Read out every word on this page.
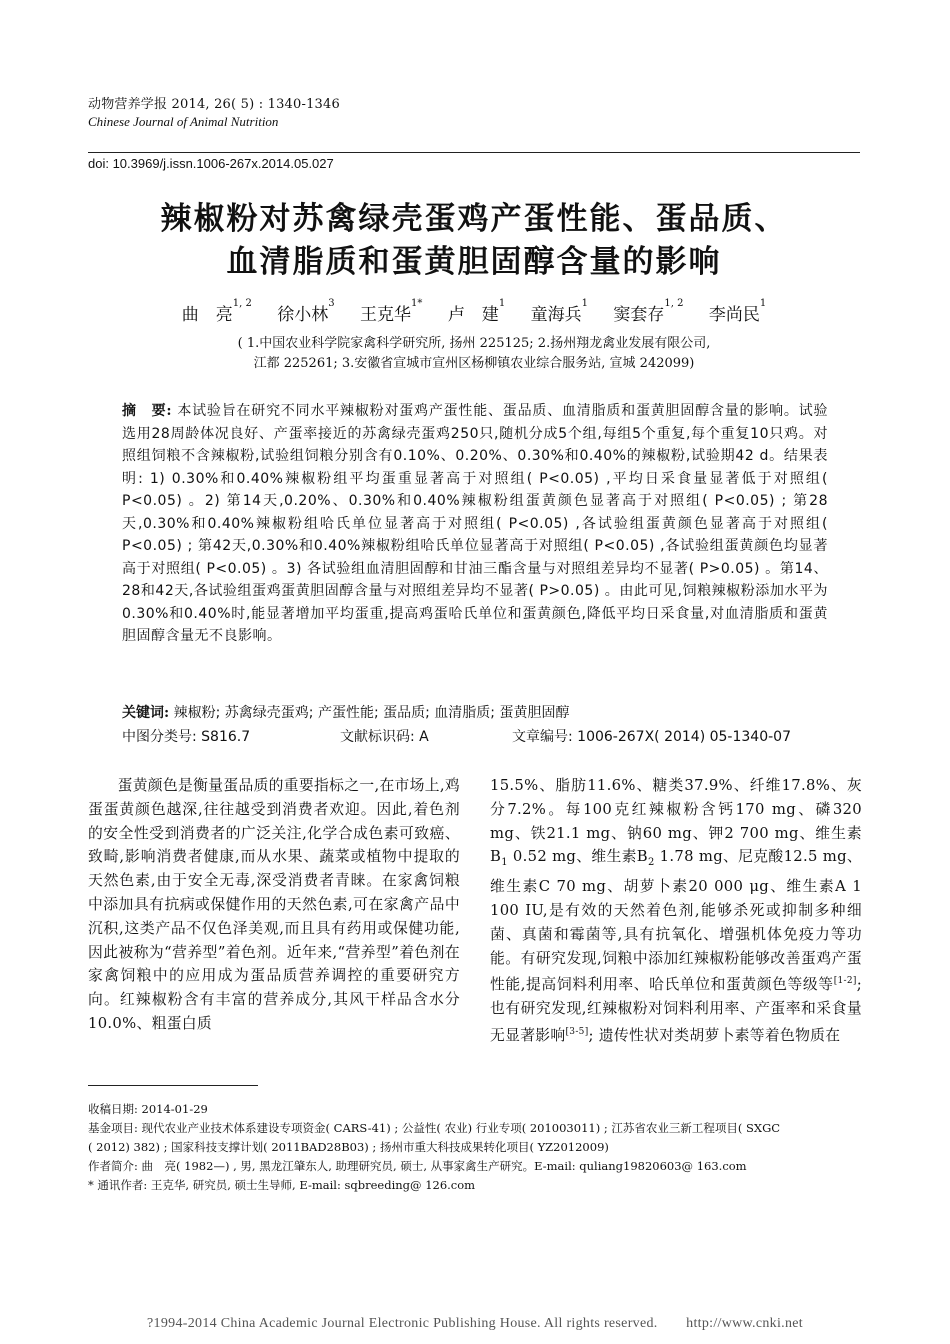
动物营养学报 2014, 26( 5) : 1340-1346
Chinese Journal of Animal Nutrition
doi: 10.3969/j.issn.1006-267x.2014.05.027
辣椒粉对苏禽绿壳蛋鸡产蛋性能、蛋品质、
血清脂质和蛋黄胆固醇含量的影响
曲　亮$^{1, 2}$ 徐小林$^3$ 王克华$^{1*}$ 卢　建$^1$ 童海兵$^1$ 窦套存$^{1, 2}$ 李尚民$^1$
( 1.中国农业科学院家禽科学研究所, 扬州 225125; 2.扬州翔龙禽业发展有限公司,
江都 225261; 3.安徽省宣城市宣州区杨柳镇农业综合服务站, 宣城 242099)
摘　要: 本试验旨在研究不同水平辣椒粉对蛋鸡产蛋性能、蛋品质、血清脂质和蛋黄胆固醇含量的影响。试验选用28周龄体况良好、产蛋率接近的苏禽绿壳蛋鸡250只,随机分成5个组,每组5个重复,每个重复10只鸡。对照组饲粮不含辣椒粉,试验组饲粮分别含有0.10%、0.20%、0.30%和0.40%的辣椒粉,试验期42 d。结果表明: 1) 0.30%和0.40%辣椒粉组平均蛋重显著高于对照组( P<0.05) ,平均日采食量显著低于对照组( P<0.05) 。2) 第14天,0.20%、0.30%和0.40%辣椒粉组蛋黄颜色显著高于对照组( P<0.05) ; 第28天,0.30%和0.40%辣椒粉组哈氏单位显著高于对照组( P<0.05) ,各试验组蛋黄颜色显著高于对照组( P<0.05) ; 第42天,0.30%和0.40%辣椒粉组哈氏单位显著高于对照组( P<0.05) ,各试验组蛋黄颜色均显著高于对照组( P<0.05) 。3) 各试验组血清胆固醇和甘油三酯含量与对照组差异均不显著( P>0.05) 。第14、28和42天,各试验组蛋鸡蛋黄胆固醇含量与对照组差异均不显著( P>0.05) 。由此可见,饲粮辣椒粉添加水平为0.30%和0.40%时,能显著增加平均蛋重,提高鸡蛋哈氏单位和蛋黄颜色,降低平均日采食量,对血清脂质和蛋黄胆固醇含量无不良影响。
关键词: 辣椒粉; 苏禽绿壳蛋鸡; 产蛋性能; 蛋品质; 血清脂质; 蛋黄胆固醇
中图分类号: S816.7	文献标识码: A	文章编号: 1006-267X( 2014) 05-1340-07
蛋黄颜色是衡量蛋品质的重要指标之一,在市场上,鸡蛋蛋黄颜色越深,往往越受到消费者欢迎。因此,着色剂的安全性受到消费者的广泛关注,化学合成色素可致癌、致畸,影响消费者健康,而从水果、蔬菜或植物中提取的天然色素,由于安全无毒,深受消费者青睐。在家禽饲粮中添加具有抗病或保健作用的天然色素,可在家禽产品中沉积,这类产品不仅色泽美观,而且具有药用或保健功能,因此被称为“营养型”着色剂。近年来,“营养型”着色剂在家禽饲粮中的应用成为蛋品质营养调控的重要研究方向。红辣椒粉含有丰富的营养成分,其风干样品含水分10.0%、粗蛋白质
15.5%、脂肪11.6%、糖类37.9%、纤维17.8%、灰分7.2%。每100克红辣椒粉含钙170 mg、磷320 mg、铁21.1 mg、钠60 mg、钾2 700 mg、维生素$B_1$ 0.52 mg、维生素$B_2$ 1.78 mg、尼克酸12.5 mg、维生素C 70 mg、胡萝卜素20 000 μg、维生素A 1 100 IU,是有效的天然着色剂,能够杀死或抑制多种细菌、真菌和霉菌等,具有抗氧化、增强机体免疫力等功能。有研究发现,饲粮中添加红辣椒粉能够改善蛋鸡产蛋性能,提高饲料利用率、哈氏单位和蛋黄颜色等级等[1-2]; 也有研究发现,红辣椒粉对饲料利用率、产蛋率和采食量无显著影响[3-5]; 遗传性状对类胡萝卜素等着色物质在
收稿日期: 2014-01-29
基金项目: 现代农业产业技术体系建设专项资金( CARS-41) ; 公益性( 农业) 行业专项( 201003011) ; 江苏省农业三新工程项目( SXGC
( 2012) 382) ; 国家科技支撑计划( 2011BAD28B03) ; 扬州市重大科技成果转化项目( YZ2012009)
作者简介: 曲　亮( 1982—) , 男, 黑龙江肇东人, 助理研究员, 硕士, 从事家禽生产研究。E-mail: quliang19820603@ 163.com
* 通讯作者: 王克华, 研究员, 硕士生导师, E-mail: sqbreeding@ 126.com
?1994-2014 China Academic Journal Electronic Publishing House. All rights reserved.　　http://www.cnki.net
